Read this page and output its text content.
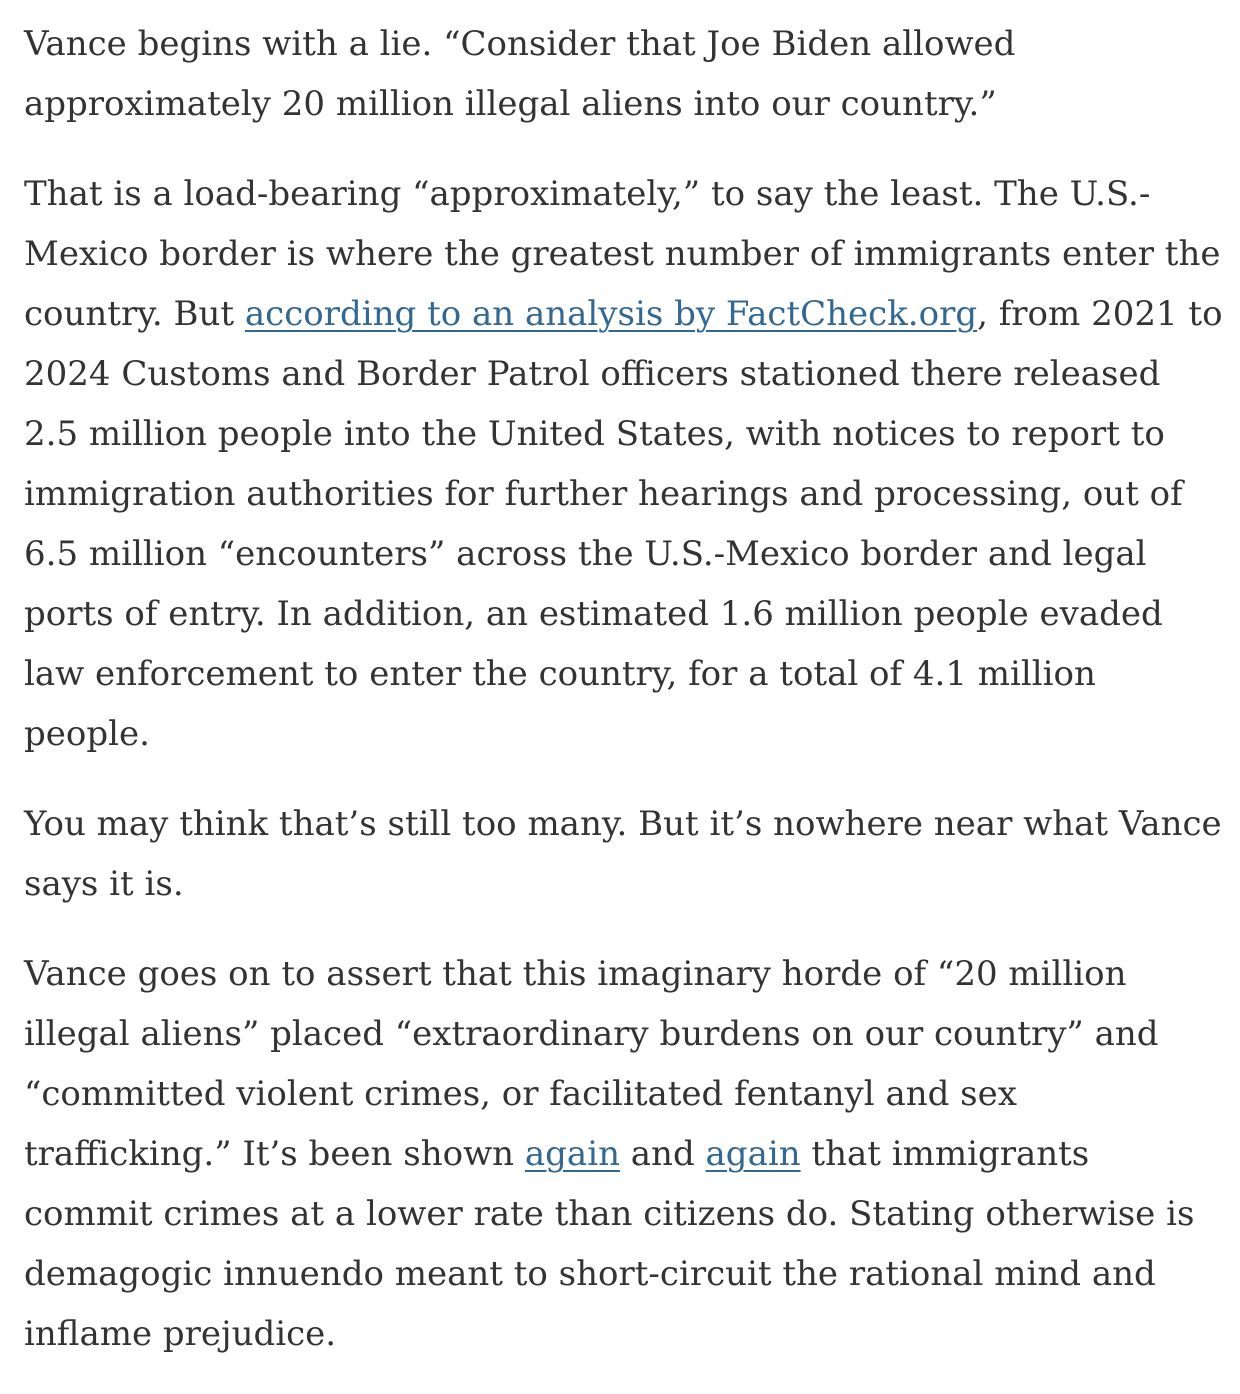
Vance begins with a lie. “Consider that Joe Biden allowed approximately 20 million illegal aliens into our country.”

That is a load-bearing “approximately,” to say the least. The U.S.-Mexico border is where the greatest number of immigrants enter the country. But according to an analysis by FactCheck.org, from 2021 to 2024 Customs and Border Patrol officers stationed there released 2.5 million people into the United States, with notices to report to immigration authorities for further hearings and processing, out of 6.5 million “encounters” across the U.S.-Mexico border and legal ports of entry. In addition, an estimated 1.6 million people evaded law enforcement to enter the country, for a total of 4.1 million people.

You may think that’s still too many. But it’s nowhere near what Vance says it is.

Vance goes on to assert that this imaginary horde of “20 million illegal aliens” placed “extraordinary burdens on our country” and “committed violent crimes, or facilitated fentanyl and sex trafficking.” It’s been shown again and again that immigrants commit crimes at a lower rate than citizens do. Stating otherwise is demagogic innuendo meant to short-circuit the rational mind and inflame prejudice.
